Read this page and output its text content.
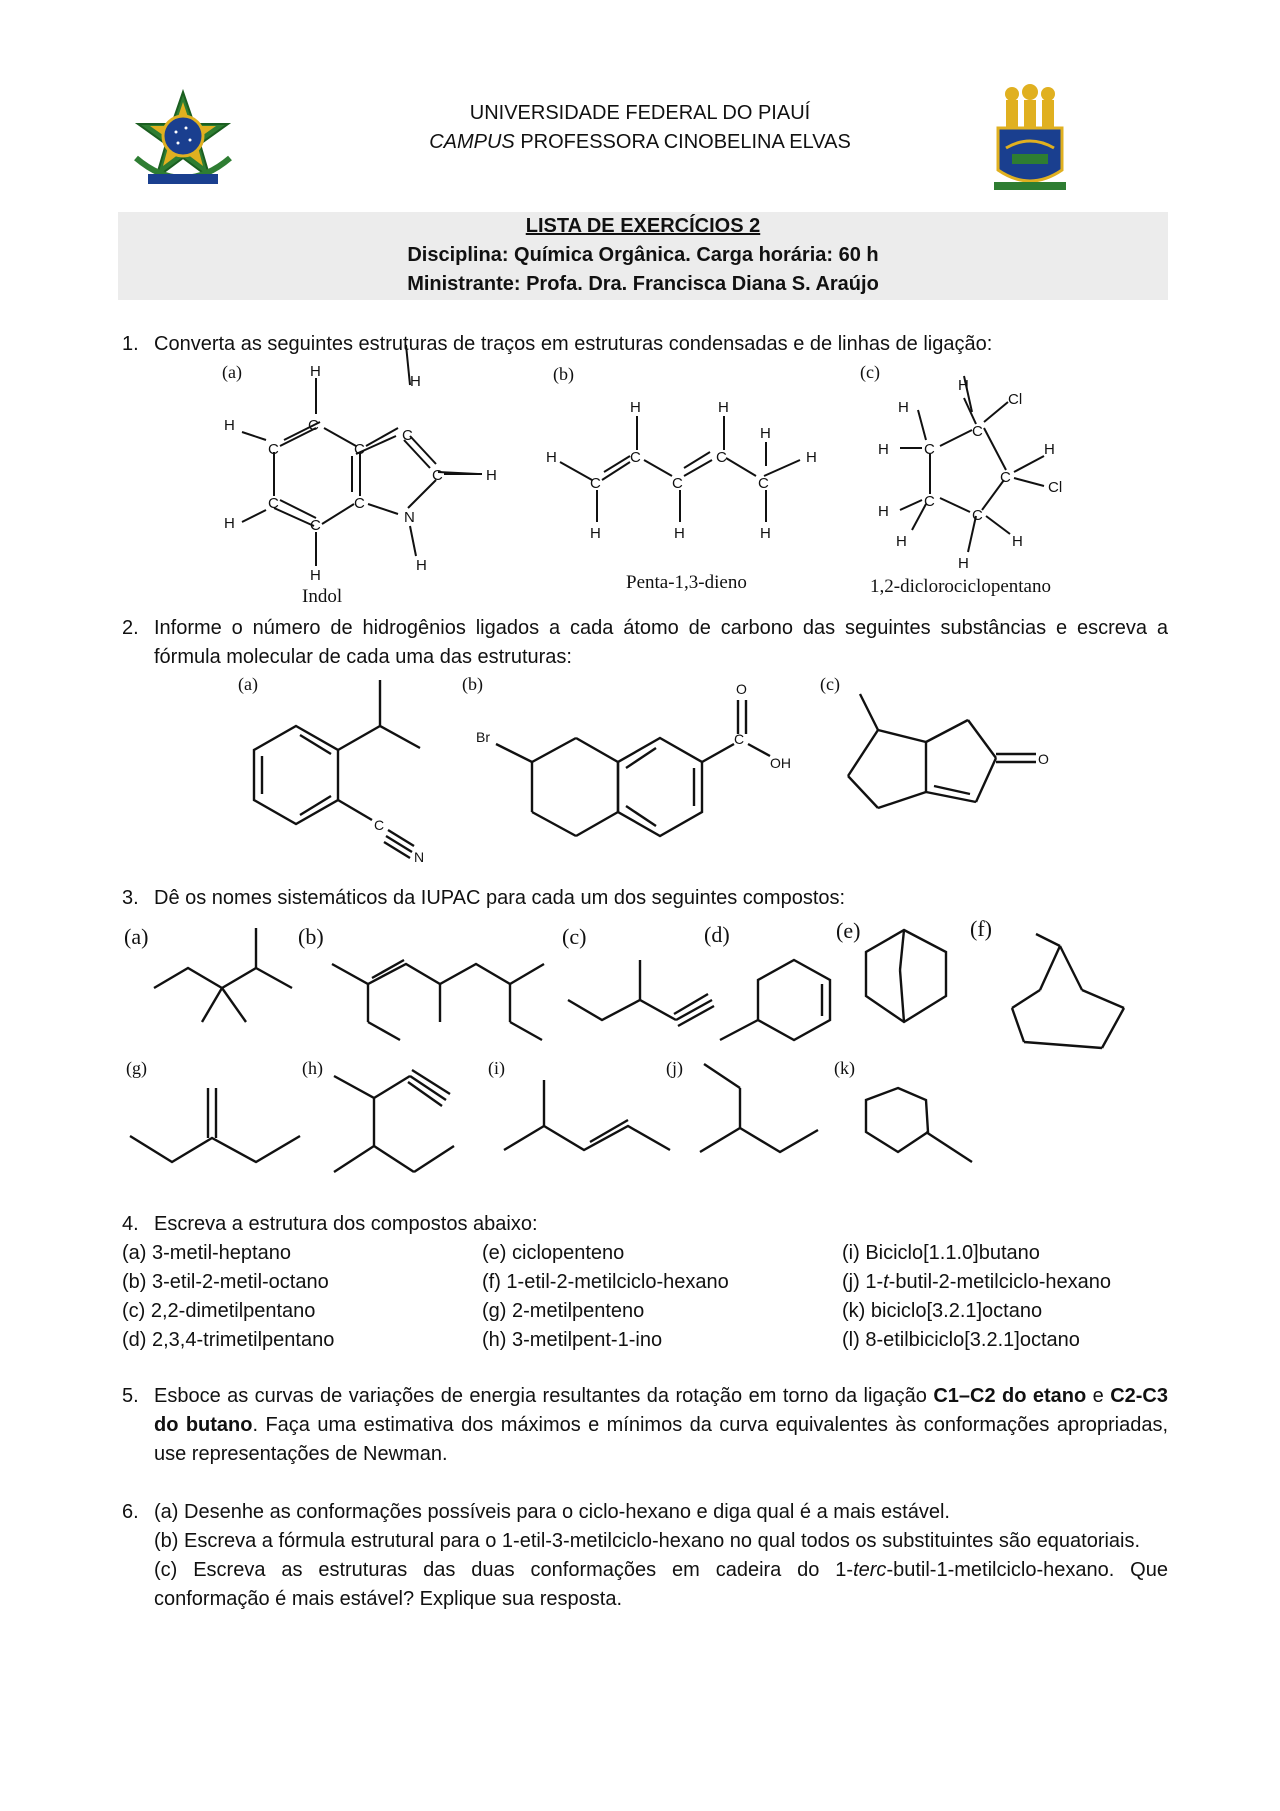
UNIVERSIDADE FEDERAL DO PIAUÍ
CAMPUS PROFESSORA CINOBELINA ELVAS
LISTA DE EXERCÍCIOS 2
Disciplina: Química Orgânica. Carga horária: 60 h
Ministrante: Profa. Dra. Francisca Diana S. Araújo
1. Converta as seguintes estruturas de traços em estruturas condensadas e de linhas de ligação:
(a)	(b)	(c)
H
H
H	C
C	C
C
C	H
C	C
N
C
H
H
H
Indol
H
H	H
H
H
C
C	C
C
C
H	H	H
Penta-1,3-dieno
H
H	Cl
H C
C
H
C
Cl
H
C
C
H	H
H
1,2-diclorociclopentano
2. Informe o número de hidrogênios ligados a cada átomo de carbono das seguintes substâncias e escreva a fórmula molecular de cada uma das estruturas:
(a)	(b)	(c)
C
N
Br	C
O
OH	O
3. Dê os nomes sistemáticos da IUPAC para cada um dos seguintes compostos:
(a)	(b)	(c)	(d)	(e)	(f)
(g)	(h)	(i)	(j)	(k)
4. Escreva a estrutura dos compostos abaixo:
(a) 3-metil-heptano
(b) 3-etil-2-metil-octano
(c) 2,2-dimetilpentano
(d) 2,3,4-trimetilpentano
(e) ciclopenteno
(f) 1-etil-2-metilciclo-hexano
(g) 2-metilpenteno
(h) 3-metilpent-1-ino
(i) Biciclo[1.1.0]butano
(j) 1-t-butil-2-metilciclo-hexano
(k) biciclo[3.2.1]octano
(l) 8-etilbiciclo[3.2.1]octano
5. Esboce as curvas de variações de energia resultantes da rotação em torno da ligação C1–C2 do etano e C2-C3 do butano. Faça uma estimativa dos máximos e mínimos da curva equivalentes às conformações apropriadas, use representações de Newman.
6. (a) Desenhe as conformações possíveis para o ciclo-hexano e diga qual é a mais estável.
(b) Escreva a fórmula estrutural para o 1-etil-3-metilciclo-hexano no qual todos os substituintes são equatoriais.
(c) Escreva as estruturas das duas conformações em cadeira do 1-terc-butil-1-metilciclo-hexano. Que conformação é mais estável? Explique sua resposta.
